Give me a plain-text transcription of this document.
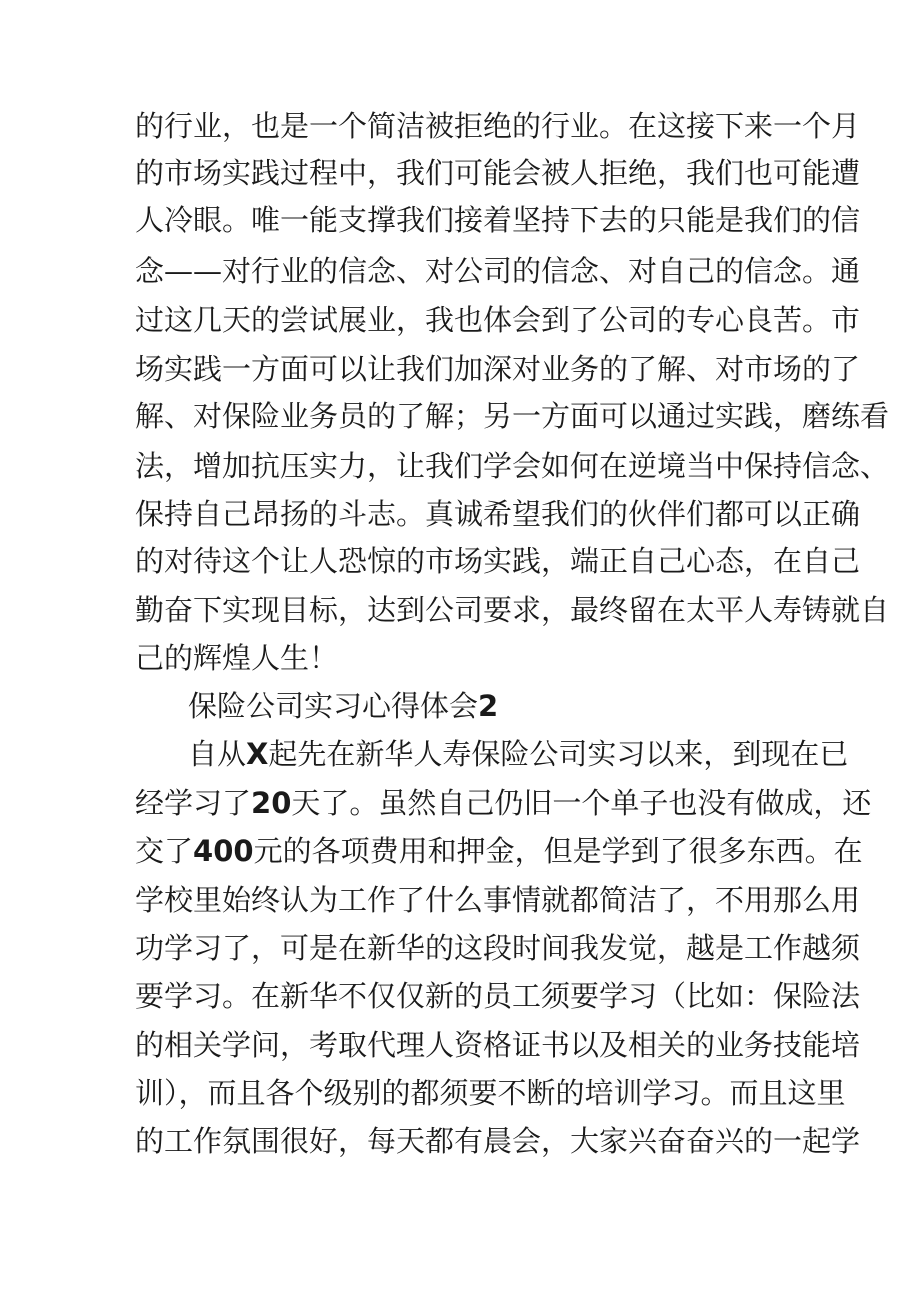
的行业，也是一个简洁被拒绝的行业。在这接下来一个月
的市场实践过程中，我们可能会被人拒绝，我们也可能遭
人冷眼。唯一能支撑我们接着坚持下去的只能是我们的信
念——对行业的信念、对公司的信念、对自己的信念。通
过这几天的尝试展业，我也体会到了公司的专心良苦。市
场实践一方面可以让我们加深对业务的了解、对市场的了
解、对保险业务员的了解；另一方面可以通过实践，磨练看
法，增加抗压实力，让我们学会如何在逆境当中保持信念、
保持自己昂扬的斗志。真诚希望我们的伙伴们都可以正确
的对待这个让人恐惊的市场实践，端正自己心态，在自己
勤奋下实现目标，达到公司要求，最终留在太平人寿铸就自
己的辉煌人生！
保险公司实习心得体会2
自从X起先在新华人寿保险公司实习以来，到现在已
经学习了20天了。虽然自己仍旧一个单子也没有做成，还
交了400元的各项费用和押金，但是学到了很多东西。在
学校里始终认为工作了什么事情就都简洁了，不用那么用
功学习了，可是在新华的这段时间我发觉，越是工作越须
要学习。在新华不仅仅新的员工须要学习（比如：保险法
的相关学问，考取代理人资格证书以及相关的业务技能培
训），而且各个级别的都须要不断的培训学习。而且这里
的工作氛围很好，每天都有晨会，大家兴奋奋兴的一起学
